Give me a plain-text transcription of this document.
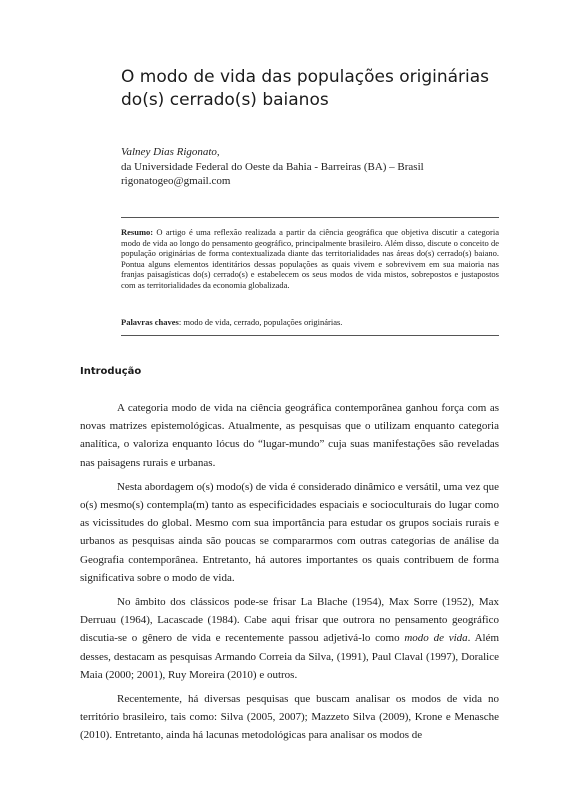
O modo de vida das populações originárias do(s) cerrado(s) baianos
Valney Dias Rigonato,
da Universidade Federal do Oeste da Bahia - Barreiras (BA) – Brasil
rigonatogeo@gmail.com

Resumo: O artigo é uma reflexão realizada a partir da ciência geográfica que objetiva discutir a categoria modo de vida ao longo do pensamento geográfico, principalmente brasileiro. Além disso, discute o conceito de população originárias de forma contextualizada diante das territorialidades nas áreas do(s) cerrado(s) baiano. Pontua alguns elementos identitários dessas populações as quais vivem e sobrevivem em sua maioria nas franjas paisagísticas do(s) cerrado(s) e estabelecem os seus modos de vida mistos, sobrepostos e justapostos com as territorialidades da economia globalizada.

Palavras chaves: modo de vida, cerrado, populações originárias.

Introdução

A categoria modo de vida na ciência geográfica contemporânea ganhou força com as novas matrizes epistemológicas. Atualmente, as pesquisas que o utilizam enquanto categoria analítica, o valoriza enquanto lócus do “lugar-mundo” cuja suas manifestações são reveladas nas paisagens rurais e urbanas.

Nesta abordagem o(s) modo(s) de vida é considerado dinâmico e versátil, uma vez que o(s) mesmo(s) contempla(m) tanto as especificidades espaciais e socioculturais do lugar como as vicissitudes do global. Mesmo com sua importância para estudar os grupos sociais rurais e urbanos as pesquisas ainda são poucas se compararmos com outras categorias de análise da Geografia contemporânea. Entretanto, há autores importantes os quais contribuem de forma significativa sobre o modo de vida.

No âmbito dos clássicos pode-se frisar La Blache (1954), Max Sorre (1952), Max Derruau (1964), Lacascade (1984). Cabe aqui frisar que outrora no pensamento geográfico discutia-se o gênero de vida e recentemente passou adjetivá-lo como modo de vida. Além desses, destacam as pesquisas Armando Correia da Silva, (1991), Paul Claval (1997), Doralice Maia (2000; 2001), Ruy Moreira (2010) e outros.

Recentemente, há diversas pesquisas que buscam analisar os modos de vida no território brasileiro, tais como: Silva (2005, 2007); Mazzeto Silva (2009), Krone e Menasche (2010). Entretanto, ainda há lacunas metodológicas para analisar os modos de
